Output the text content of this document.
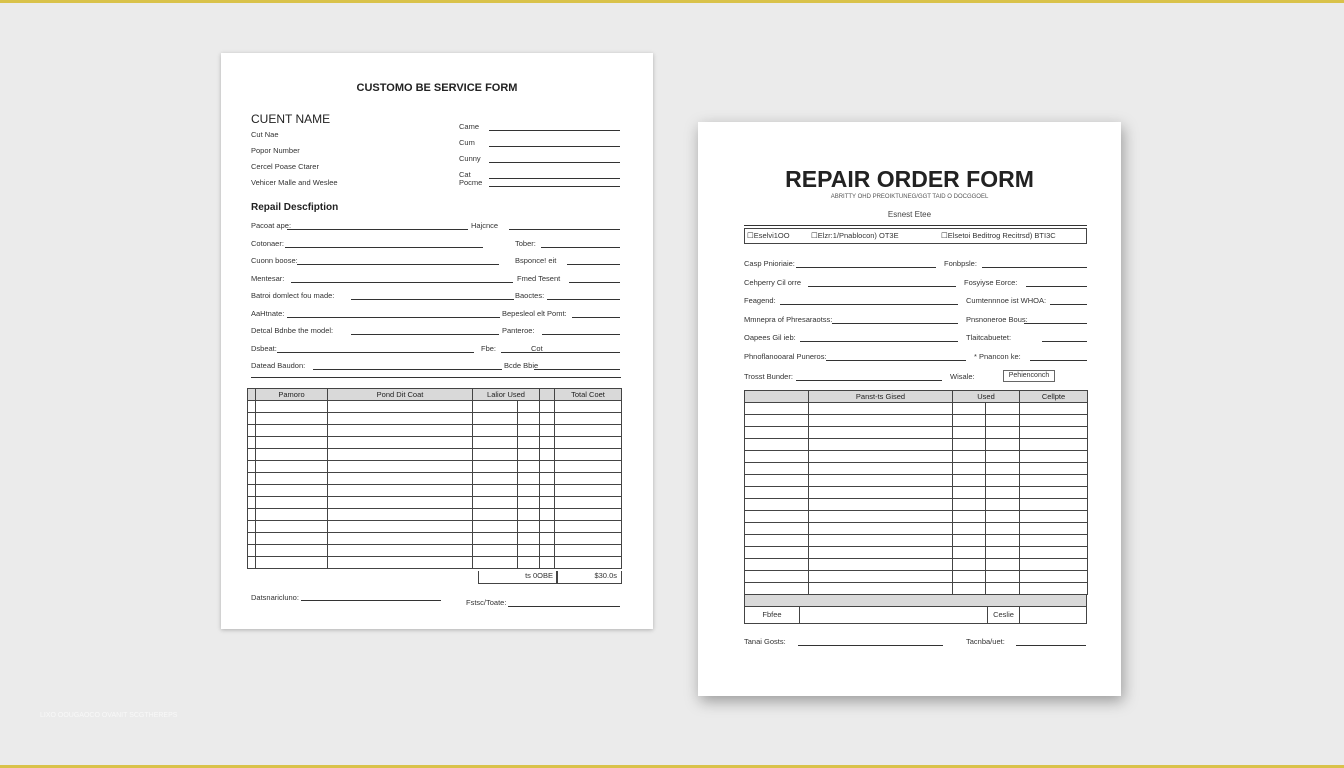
CUSTOMO BE SERVICE FORM
CUENT NAME
Cut Nae
Came
Popor Number
Cum
Cercel Poase Ctarer
Cunny
Vehicer Malle and Weslee
Cat
Pocme
Repail Descfiption
Pacoat ape:	Hajcnce
Cotonaer:	Tober:
Cuonn boose:	Bsponce! eit
Mentesar:	Fmed Tesent
Batroi domlect fou made:	Baoctes:
AaHtnate:	Bepesleol elt Pomt:
Detcal Bdnbe the model:	Panteroe:
Dsbeat:	Fbe:	Cot
Datead Baudon:	Bcde Bbie
	Pamoro	Pond Dit Coat	Lalior Used			Total Coet

ts 0OBE	$30.0s
Datsnaricluno:
Fstsc/Toate:
REPAIR ORDER FORM
ABRITTY OHD PREOIKTUNEG/GGT TAID O DOCGGOEL
Esnest Etee
☐Eselvi1OO	☐Elzr:1/Pnablocon) OT3E	☐Elsetoi Beditrog Recitrsd) BTI3C
Casp Pnioriaie:	Fonbpsle:
Cehperry Cil orre	Fosyiyse Eorce:
Feagend:	Cumtennnoe ist WHOA:
Mmnepra of Phresaraotss:	Pnsnoneroe Bous:
Oapees Gil ieb:	Tlaitcabuetet:
Phnoflanooaral Puneros:	* Pnancon ke:
Trosst Bunder:	Wisale:	Pehienconch
	Panst-ts Gised	Used		Cellpte

Fbfee	Ceslie
Tanai Gosts:	Tacnba/uet:
LIXO OOUGAOCO OVANIT SCGTHEREPS
